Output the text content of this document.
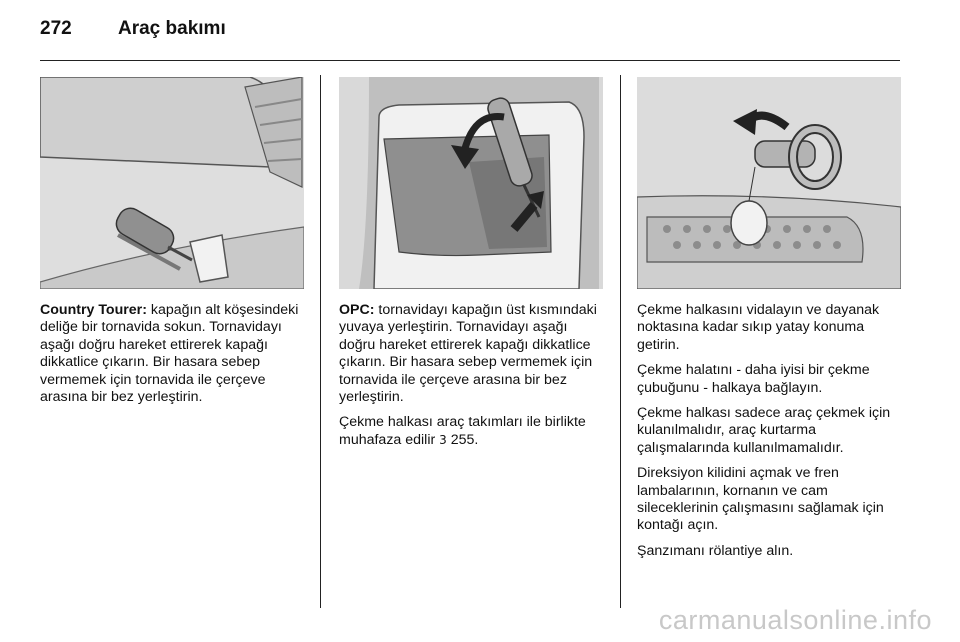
272 Araç bakımı

Country Tourer: kapağın alt köşesindeki deliğe bir tornavida sokun. Tornavidayı aşağı doğru hareket ettirerek kapağı dikkatlice çıkarın. Bir hasara sebep vermemek için tornavida ile çerçeve arasına bir bez yerleştirin.

OPC: tornavidayı kapağın üst kısmındaki yuvaya yerleştirin. Tornavidayı aşağı doğru hareket ettirerek kapağı dikkatlice çıkarın. Bir hasara sebep vermemek için tornavida ile çerçeve arasına bir bez yerleştirin.

Çekme halkası araç takımları ile birlikte muhafaza edilir 3 255.

Çekme halkasını vidalayın ve dayanak noktasına kadar sıkıp yatay konuma getirin.

Çekme halatını - daha iyisi bir çekme çubuğunu - halkaya bağlayın.

Çekme halkası sadece araç çekmek için kulanılmalıdır, araç kurtarma çalışmalarında kullanılmamalıdır.

Direksiyon kilidini açmak ve fren lambalarının, kornanın ve cam sileceklerinin çalışmasını sağlamak için kontağı açın.

Şanzımanı rölantiye alın.

carmanualsonline.info
